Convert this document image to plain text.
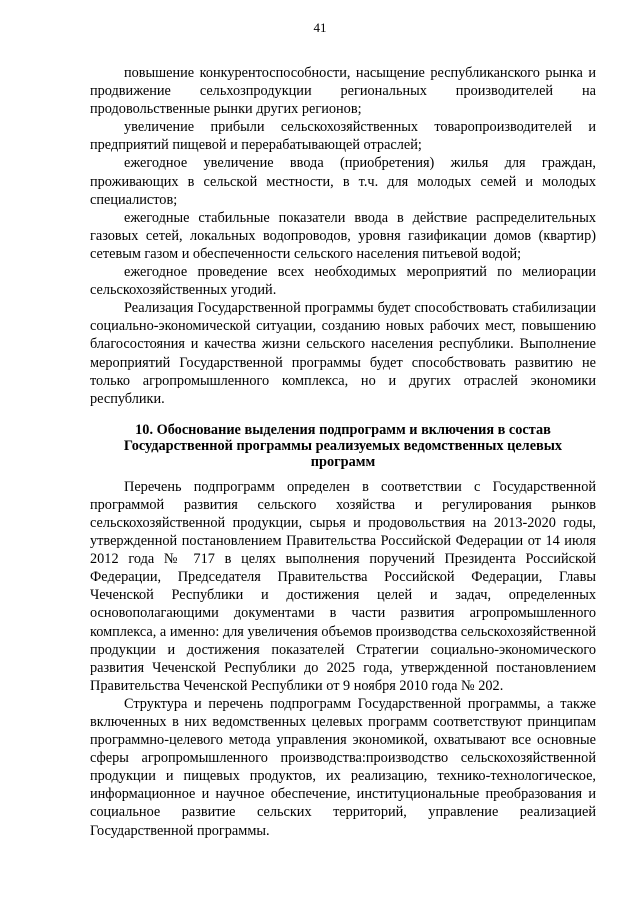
41

повышение конкурентоспособности, насыщение республиканского рынка и продвижение сельхозпродукции региональных производителей на продовольственные рынки других регионов;

увеличение прибыли сельскохозяйственных товаропроизводителей и предприятий пищевой и перерабатывающей отраслей;

ежегодное увеличение ввода (приобретения) жилья для граждан, проживающих в сельской местности, в т.ч. для молодых семей и молодых специалистов;

ежегодные стабильные показатели ввода в действие распределительных газовых сетей, локальных водопроводов, уровня газификации домов (квартир) сетевым газом и обеспеченности сельского населения питьевой водой;

ежегодное проведение всех необходимых мероприятий по мелиорации сельскохозяйственных угодий.

Реализация Государственной программы будет способствовать стабилизации социально-экономической ситуации, созданию новых рабочих мест, повышению благосостояния и качества жизни сельского населения республики. Выполнение мероприятий Государственной программы будет способствовать развитию не только агропромышленного комплекса, но и других отраслей экономики республики.

10. Обоснование выделения подпрограмм и включения в состав Государственной программы реализуемых ведомственных целевых программ

Перечень подпрограмм определен в соответствии с Государственной программой развития сельского хозяйства и регулирования рынков сельскохозяйственной продукции, сырья и продовольствия на 2013-2020 годы, утвержденной постановлением Правительства Российской Федерации от 14 июля 2012 года № 717 в целях выполнения поручений Президента Российской Федерации, Председателя Правительства Российской Федерации, Главы Чеченской Республики и достижения целей и задач, определенных основополагающими документами в части развития агропромышленного комплекса, а именно: для увеличения объемов производства сельскохозяйственной продукции и достижения показателей Стратегии социально-экономического развития Чеченской Республики до 2025 года, утвержденной постановлением Правительства Чеченской Республики от 9 ноября 2010 года № 202.

Структура и перечень подпрограмм Государственной программы, а также включенных в них ведомственных целевых программ соответствуют принципам программно-целевого метода управления экономикой, охватывают все основные сферы агропромышленного производства:производство сельскохозяйственной продукции и пищевых продуктов, их реализацию, технико-технологическое, информационное и научное обеспечение, институциональные преобразования и социальное развитие сельских территорий, управление реализацией Государственной программы.
